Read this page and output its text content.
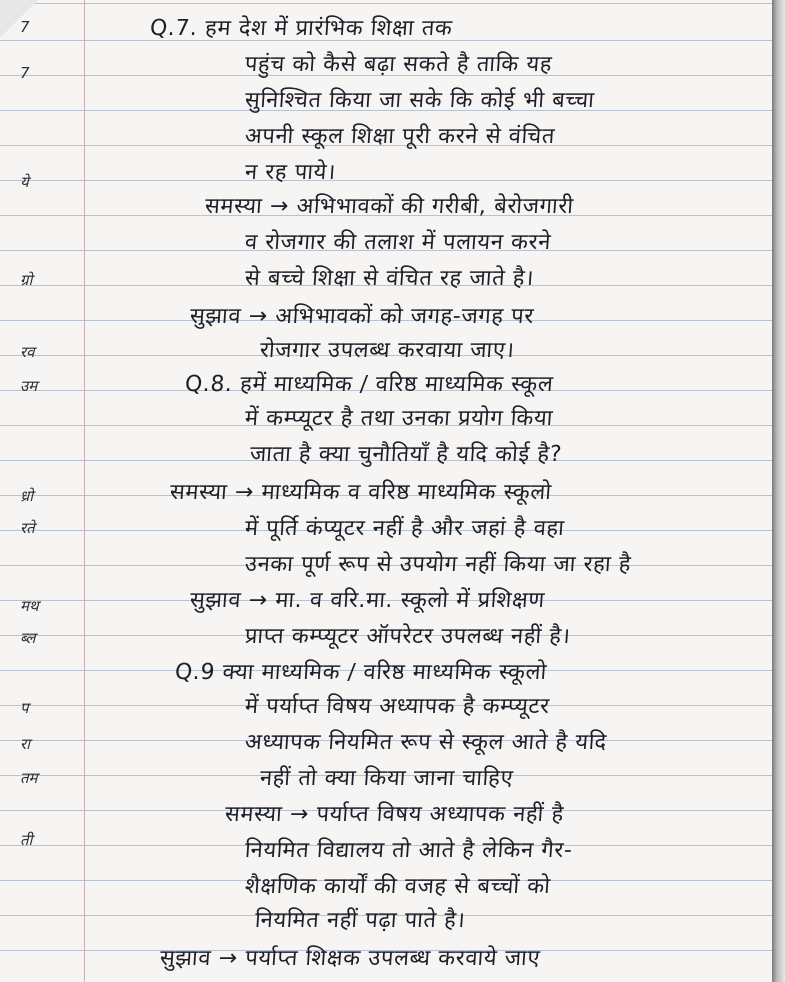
7
7
ये
ग्रो
रव
उम
ध्रो
रते
मथ
ब्ल
प
रा
तम
ती
Q.7. हम देश में प्रारंभिक शिक्षा तक
पहुंच को कैसे बढ़ा सकते है ताकि यह
सुनिश्चित किया जा सके कि कोई भी बच्चा
अपनी स्कूल शिक्षा पूरी करने से वंचित
न रह पाये।
समस्या → अभिभावकों की गरीबी, बेरोजगारी
व रोजगार की तलाश में पलायन करने
से बच्चे शिक्षा से वंचित रह जाते है।
सुझाव → अभिभावकों को जगह-जगह पर
रोजगार उपलब्ध करवाया जाए।
Q.8. हमें माध्यमिक / वरिष्ठ माध्यमिक स्कूल
में कम्प्यूटर है तथा उनका प्रयोग किया
जाता है क्या चुनौतियाँ है यदि कोई है?
समस्या → माध्यमिक व वरिष्ठ माध्यमिक स्कूलो
में पूर्ति कंप्यूटर नहीं है और जहां है वहा
उनका पूर्ण रूप से उपयोग नहीं किया जा रहा है
सुझाव → मा. व वरि.मा. स्कूलो में प्रशिक्षण
प्राप्त कम्प्यूटर ऑपरेटर उपलब्ध नहीं है।
Q.9 क्या माध्यमिक / वरिष्ठ माध्यमिक स्कूलो
में पर्याप्त विषय अध्यापक है कम्प्यूटर
अध्यापक नियमित रूप से स्कूल आते है यदि
नहीं तो क्या किया जाना चाहिए
समस्या → पर्याप्त विषय अध्यापक नहीं है
नियमित विद्यालय तो आते है लेकिन गैर-
शैक्षणिक कार्यों की वजह से बच्चों को
नियमित नहीं पढ़ा पाते है।
सुझाव → पर्याप्त शिक्षक उपलब्ध करवाये जाए
